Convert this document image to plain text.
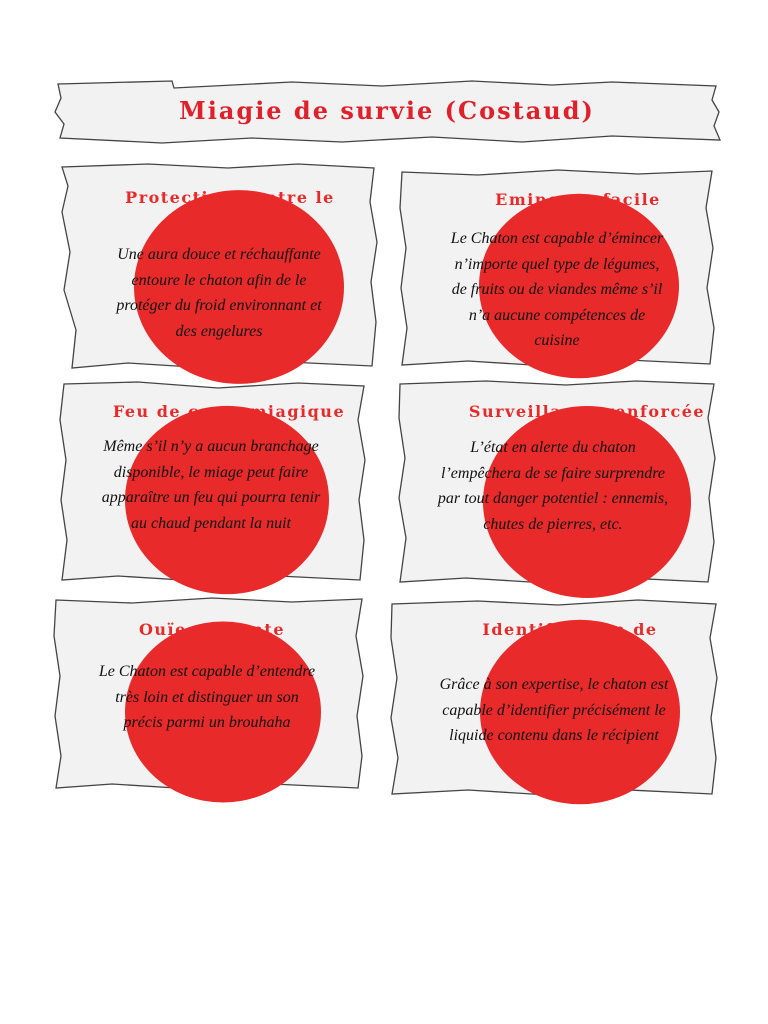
Miagie de survie (Costaud)
Protection contre le froid
Une aura douce et réchauffante entoure le chaton afin de le protéger du froid environnant et des engelures
Eminçage facile
Le Chaton est capable d’émincer n’importe quel type de légumes, de fruits ou de viandes même s’il n’a aucune compétences de cuisine
Feu de camp miagique
Même s’il n’y a aucun branchage disponible, le miage peut faire apparaître un feu qui pourra tenir au chaud pendant la nuit
Surveillance renforcée
L’état en alerte du chaton l’empêchera de se faire surprendre par tout danger potentiel : ennemis, chutes de pierres, etc.
Ouïe perçante
Le Chaton est capable d’entendre très loin et distinguer un son précis parmi un brouhaha
Identification de liquide
Grâce à son expertise, le chaton est capable d’identifier précisément le liquide contenu dans le récipient
